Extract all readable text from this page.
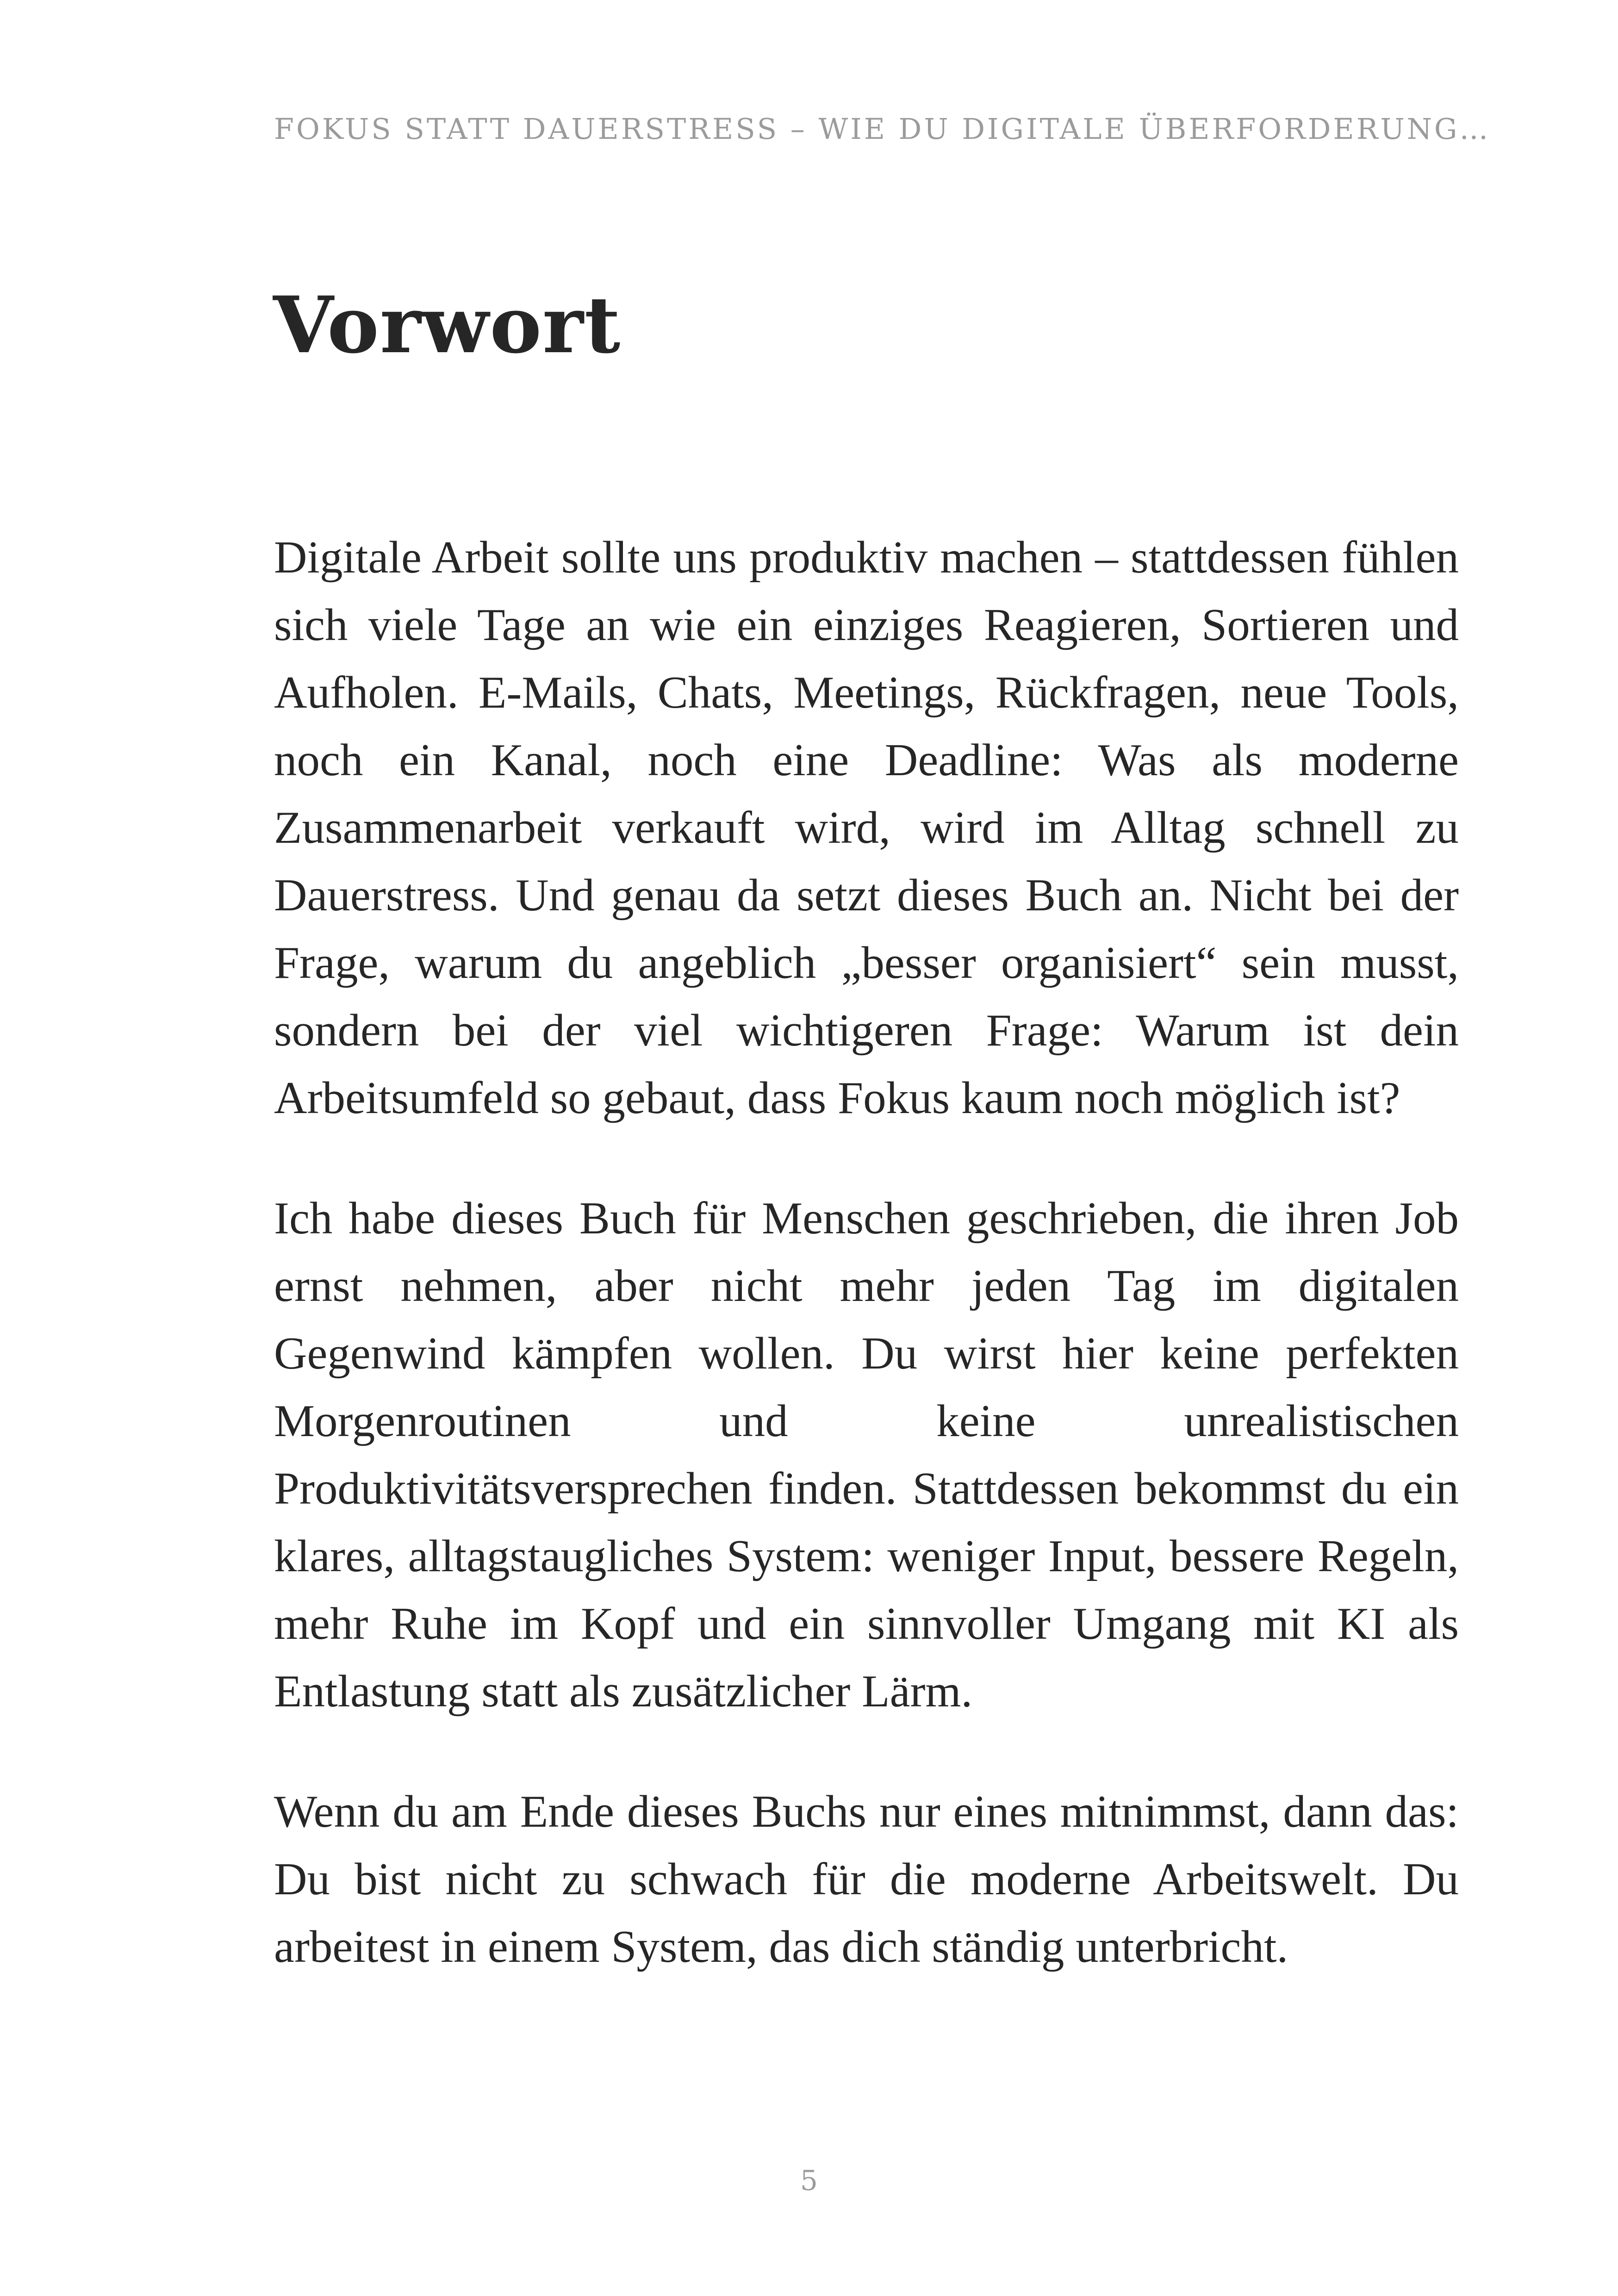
FOKUS STATT DAUERSTRESS – WIE DU DIGITALE ÜBERFORDERUNG…
Vorwort

Digitale Arbeit sollte uns produktiv machen – stattdessen fühlen sich viele Tage an wie ein einziges Reagieren, Sortieren und Aufholen. E-Mails, Chats, Meetings, Rückfragen, neue Tools, noch ein Kanal, noch eine Deadline: Was als moderne Zusammenarbeit verkauft wird, wird im Alltag schnell zu Dauerstress. Und genau da setzt dieses Buch an. Nicht bei der Frage, warum du angeblich „besser organisiert“ sein musst, sondern bei der viel wichtigeren Frage: Warum ist dein Arbeitsumfeld so gebaut, dass Fokus kaum noch möglich ist?

Ich habe dieses Buch für Menschen geschrieben, die ihren Job ernst nehmen, aber nicht mehr jeden Tag im digitalen Gegenwind kämpfen wollen. Du wirst hier keine perfekten Morgenroutinen und keine unrealistischen Produktivitätsversprechen finden. Stattdessen bekommst du ein klares, alltagstaugliches System: weniger Input, bessere Regeln, mehr Ruhe im Kopf und ein sinnvoller Umgang mit KI als Entlastung statt als zusätzlicher Lärm.

Wenn du am Ende dieses Buchs nur eines mitnimmst, dann das: Du bist nicht zu schwach für die moderne Arbeitswelt. Du arbeitest in einem System, das dich ständig unterbricht.

5
